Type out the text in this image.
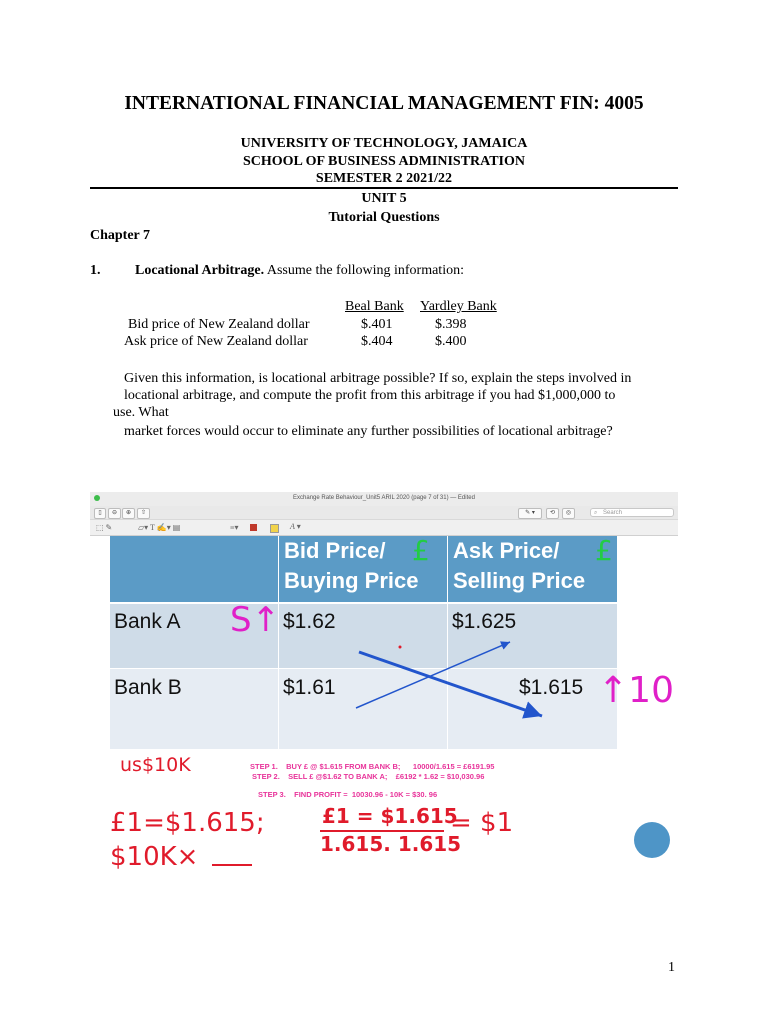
INTERNATIONAL FINANCIAL MANAGEMENT FIN: 4005
UNIVERSITY OF TECHNOLOGY, JAMAICA
SCHOOL OF BUSINESS ADMINISTRATION
SEMESTER 2 2021/22
UNIT 5
Tutorial Questions
Chapter 7
1. Locational Arbitrage. Assume the following information:
Beal Bank Yardley Bank
Bid price of New Zealand dollar	$.401	$.398
Ask price of New Zealand dollar	$.404	$.400
Given this information, is locational arbitrage possible? If so, explain the steps involved in
locational arbitrage, and compute the profit from this arbitrage if you had $1,000,000 to
use. What
market forces would occur to eliminate any further possibilities of locational arbitrage?
Exchange Rate Behaviour_Unit5 ARIL 2020 (page 7 of 31) — Edited
▯	⊖	⊕	⇧	✎ ▾	⟲	◎	⌕ Search
⬚ ✎	▱▾ T ✍▾ ▤	≡▾	A ▾
Bid Price/
Buying Price
Ask Price/
Selling Price
Bank A	$1.62	$1.625
Bank B	$1.61	$1.615
£	£
S↑
↑10
us$10K	STEP 1.    BUY £ @ $1.615 FROM BANK B;      10000/1.615 = £6191.95
STEP 2.    SELL £ @$1.62 TO BANK A;    £6192 * 1.62 = $10,030.96
STEP 3.    FIND PROFIT =  10030.96 - 10K = $30. 96
£1=$1.615;
$10K×
£1 = $1.615
1.615. 1.615
= $1
1
